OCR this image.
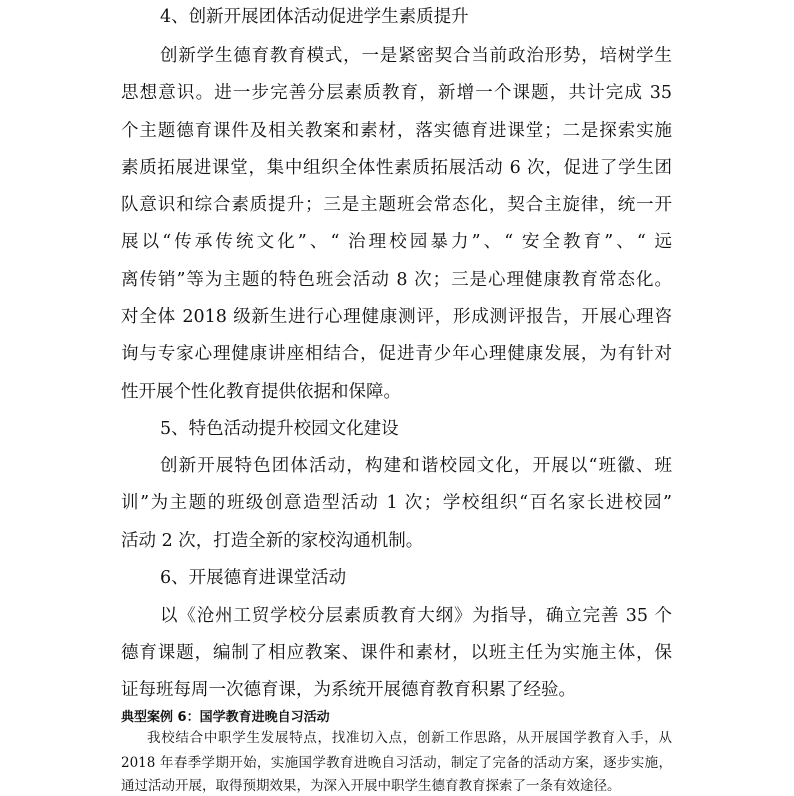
4、创新开展团体活动促进学生素质提升

创新学生德育教育模式，一是紧密契合当前政治形势，培树学生

思想意识。进一步完善分层素质教育，新增一个课题，共计完成 35

个主题德育课件及相关教案和素材，落实德育进课堂；二是探索实施

素质拓展进课堂，集中组织全体性素质拓展活动 6 次，促进了学生团

队意识和综合素质提升；三是主题班会常态化，契合主旋律，统一开

展以“传承传统文化”、“ 治理校园暴力”、“ 安全教育”、“ 远

离传销”等为主题的特色班会活动 8 次；三是心理健康教育常态化。

对全体 2018 级新生进行心理健康测评，形成测评报告，开展心理咨

询与专家心理健康讲座相结合，促进青少年心理健康发展，为有针对

性开展个性化教育提供依据和保障。

5、特色活动提升校园文化建设

创新开展特色团体活动，构建和谐校园文化，开展以“班徽、班

训”为主题的班级创意造型活动 1 次；学校组织“百名家长进校园”

活动 2 次，打造全新的家校沟通机制。

6、开展德育进课堂活动

以《沧州工贸学校分层素质教育大纲》为指导，确立完善 35 个

德育课题，编制了相应教案、课件和素材，以班主任为实施主体，保

证每班每周一次德育课，为系统开展德育教育积累了经验。

典型案例 6：国学教育进晚自习活动

我校结合中职学生发展特点，找准切入点，创新工作思路，从开展国学教育入手，从

2018 年春季学期开始，实施国学教育进晚自习活动，制定了完备的活动方案，逐步实施，

通过活动开展，取得预期效果，为深入开展中职学生德育教育探索了一条有效途径。
